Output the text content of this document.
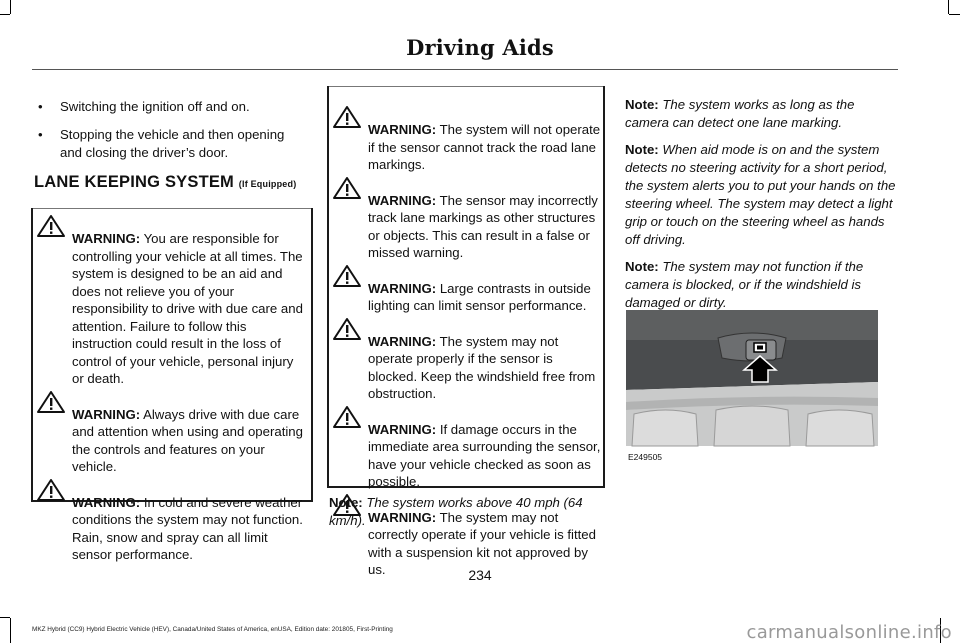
Driving Aids
• Switching the ignition off and on.
• Stopping the vehicle and then opening and closing the driver’s door.
LANE KEEPING SYSTEM (If Equipped)
WARNING: You are responsible for controlling your vehicle at all times. The system is designed to be an aid and does not relieve you of your responsibility to drive with due care and attention. Failure to follow this instruction could result in the loss of control of your vehicle, personal injury or death.
WARNING: Always drive with due care and attention when using and operating the controls and features on your vehicle.
WARNING: In cold and severe weather conditions the system may not function. Rain, snow and spray can all limit sensor performance.
WARNING: The system will not operate if the sensor cannot track the road lane markings.
WARNING: The sensor may incorrectly track lane markings as other structures or objects. This can result in a false or missed warning.
WARNING: Large contrasts in outside lighting can limit sensor performance.
WARNING: The system may not operate properly if the sensor is blocked. Keep the windshield free from obstruction.
WARNING: If damage occurs in the immediate area surrounding the sensor, have your vehicle checked as soon as possible.
WARNING: The system may not correctly operate if your vehicle is fitted with a suspension kit not approved by us.
Note: The system works above 40 mph (64 km/h).
Note: The system works as long as the camera can detect one lane marking.
Note: When aid mode is on and the system detects no steering activity for a short period, the system alerts you to put your hands on the steering wheel. The system may detect a light grip or touch on the steering wheel as hands off driving.
Note: The system may not function if the camera is blocked, or if the windshield is damaged or dirty.
E249505
234
MKZ Hybrid (CC9) Hybrid Electric Vehicle (HEV), Canada/United States of America, enUSA, Edition date: 201805, First-Printing	carmanualsonline.info
